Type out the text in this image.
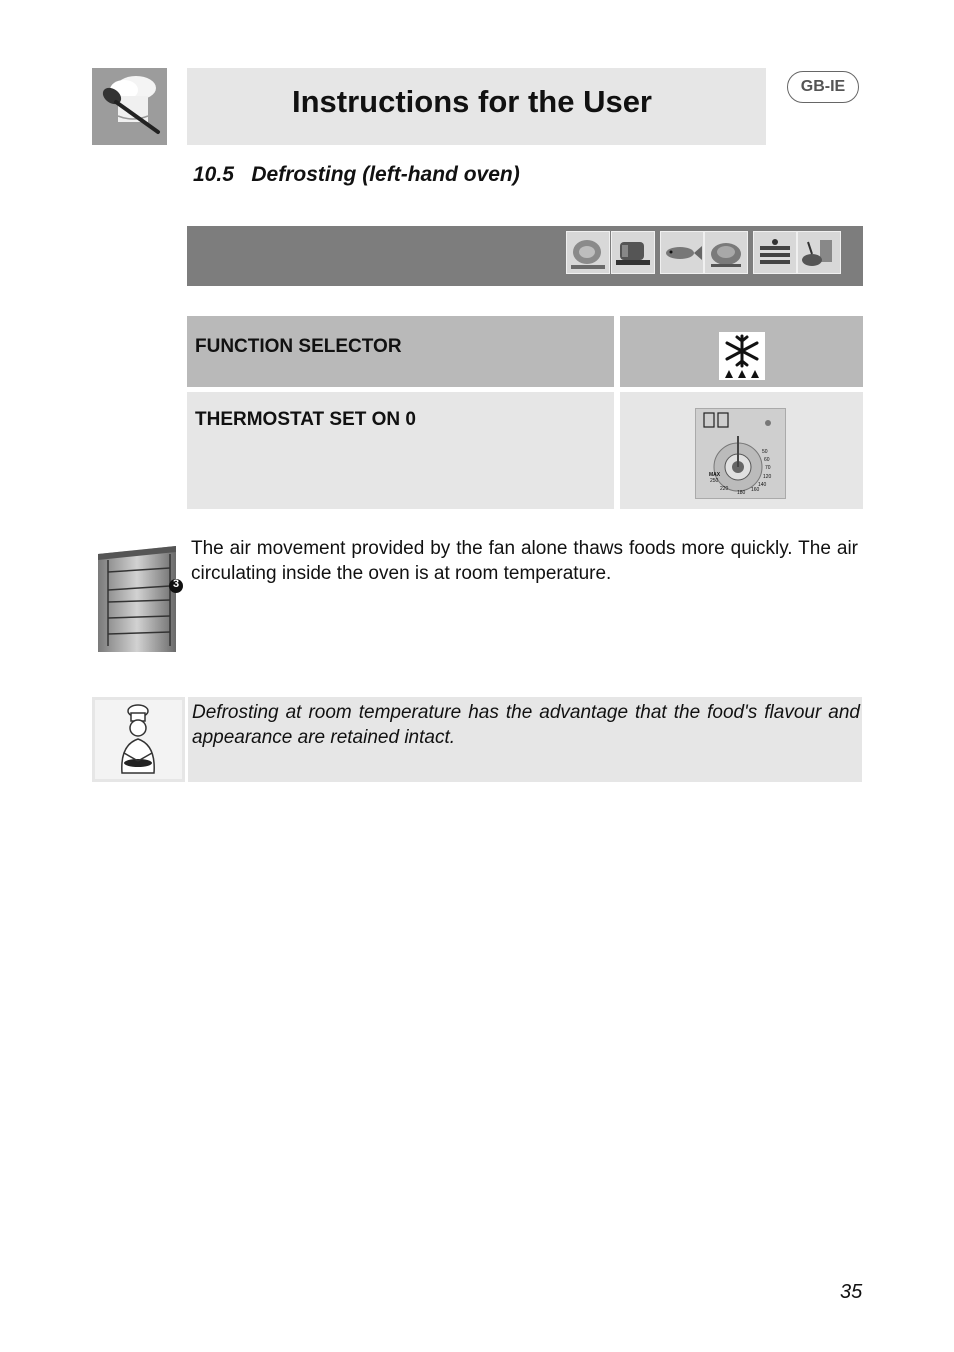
Instructions for the User	GB-IE
10.5   Defrosting (left-hand oven)
FUNCTION SELECTOR
THERMOSTAT SET ON 0
MAX
50
60
70
120
140
160
180
220
250
3
The air movement provided by the fan alone thaws foods more quickly. The air circulating inside the oven is at room temperature.
Defrosting at room temperature has the advantage that the food's flavour and appearance are retained intact.
35
